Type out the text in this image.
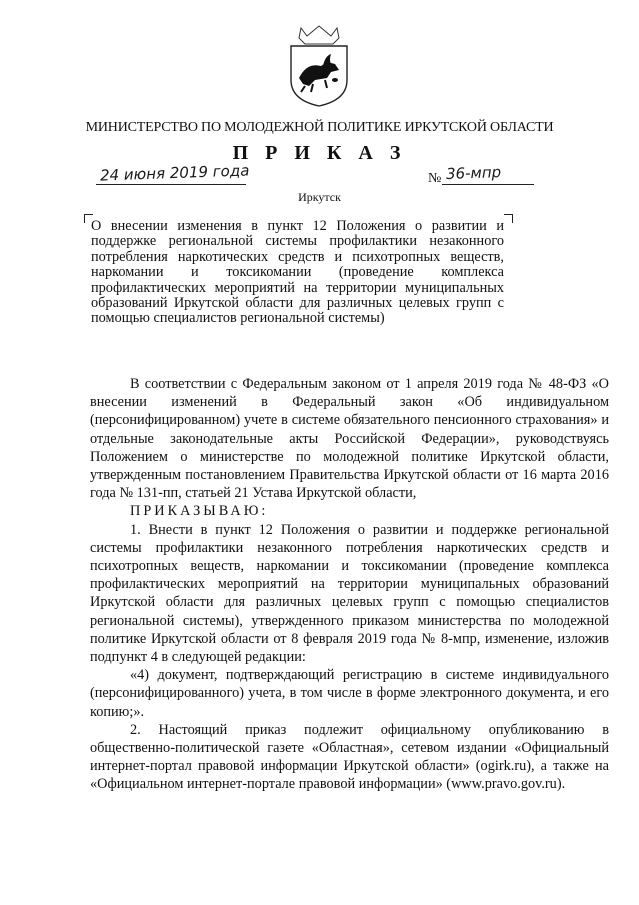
МИНИСТЕРСТВО ПО МОЛОДЕЖНОЙ ПОЛИТИКЕ ИРКУТСКОЙ ОБЛАСТИ
П Р И К А З
24 июня 2019 года	№ 36-мпр
Иркутск
О внесении изменения в пункт 12 Положения о развитии и поддержке региональной системы профилактики незаконного потребления наркотических средств и психотропных веществ, наркомании и токсикомании (проведение комплекса профилактических мероприятий на территории муниципальных образований Иркутской области для различных целевых групп с помощью специалистов региональной системы)

В соответствии с Федеральным законом от 1 апреля 2019 года № 48-ФЗ «О внесении изменений в Федеральный закон «Об индивидуальном (персонифицированном) учете в системе обязательного пенсионного страхования» и отдельные законодательные акты Российской Федерации», руководствуясь Положением о министерстве по молодежной политике Иркутской области, утвержденным постановлением Правительства Иркутской области от 16 марта 2016 года № 131-пп, статьей 21 Устава Иркутской области,

ПРИКАЗЫВАЮ:

1. Внести в пункт 12 Положения о развитии и поддержке региональной системы профилактики незаконного потребления наркотических средств и психотропных веществ, наркомании и токсикомании (проведение комплекса профилактических мероприятий на территории муниципальных образований Иркутской области для различных целевых групп с помощью специалистов региональной системы), утвержденного приказом министерства по молодежной политике Иркутской области от 8 февраля 2019 года № 8-мпр, изменение, изложив подпункт 4 в следующей редакции:

«4) документ, подтверждающий регистрацию в системе индивидуального (персонифицированного) учета, в том числе в форме электронного документа, и его копию;».

2. Настоящий приказ подлежит официальному опубликованию в общественно-политической газете «Областная», сетевом издании «Официальный интернет-портал правовой информации Иркутской области» (ogirk.ru), а также на «Официальном интернет-портале правовой информации» (www.pravo.gov.ru).
